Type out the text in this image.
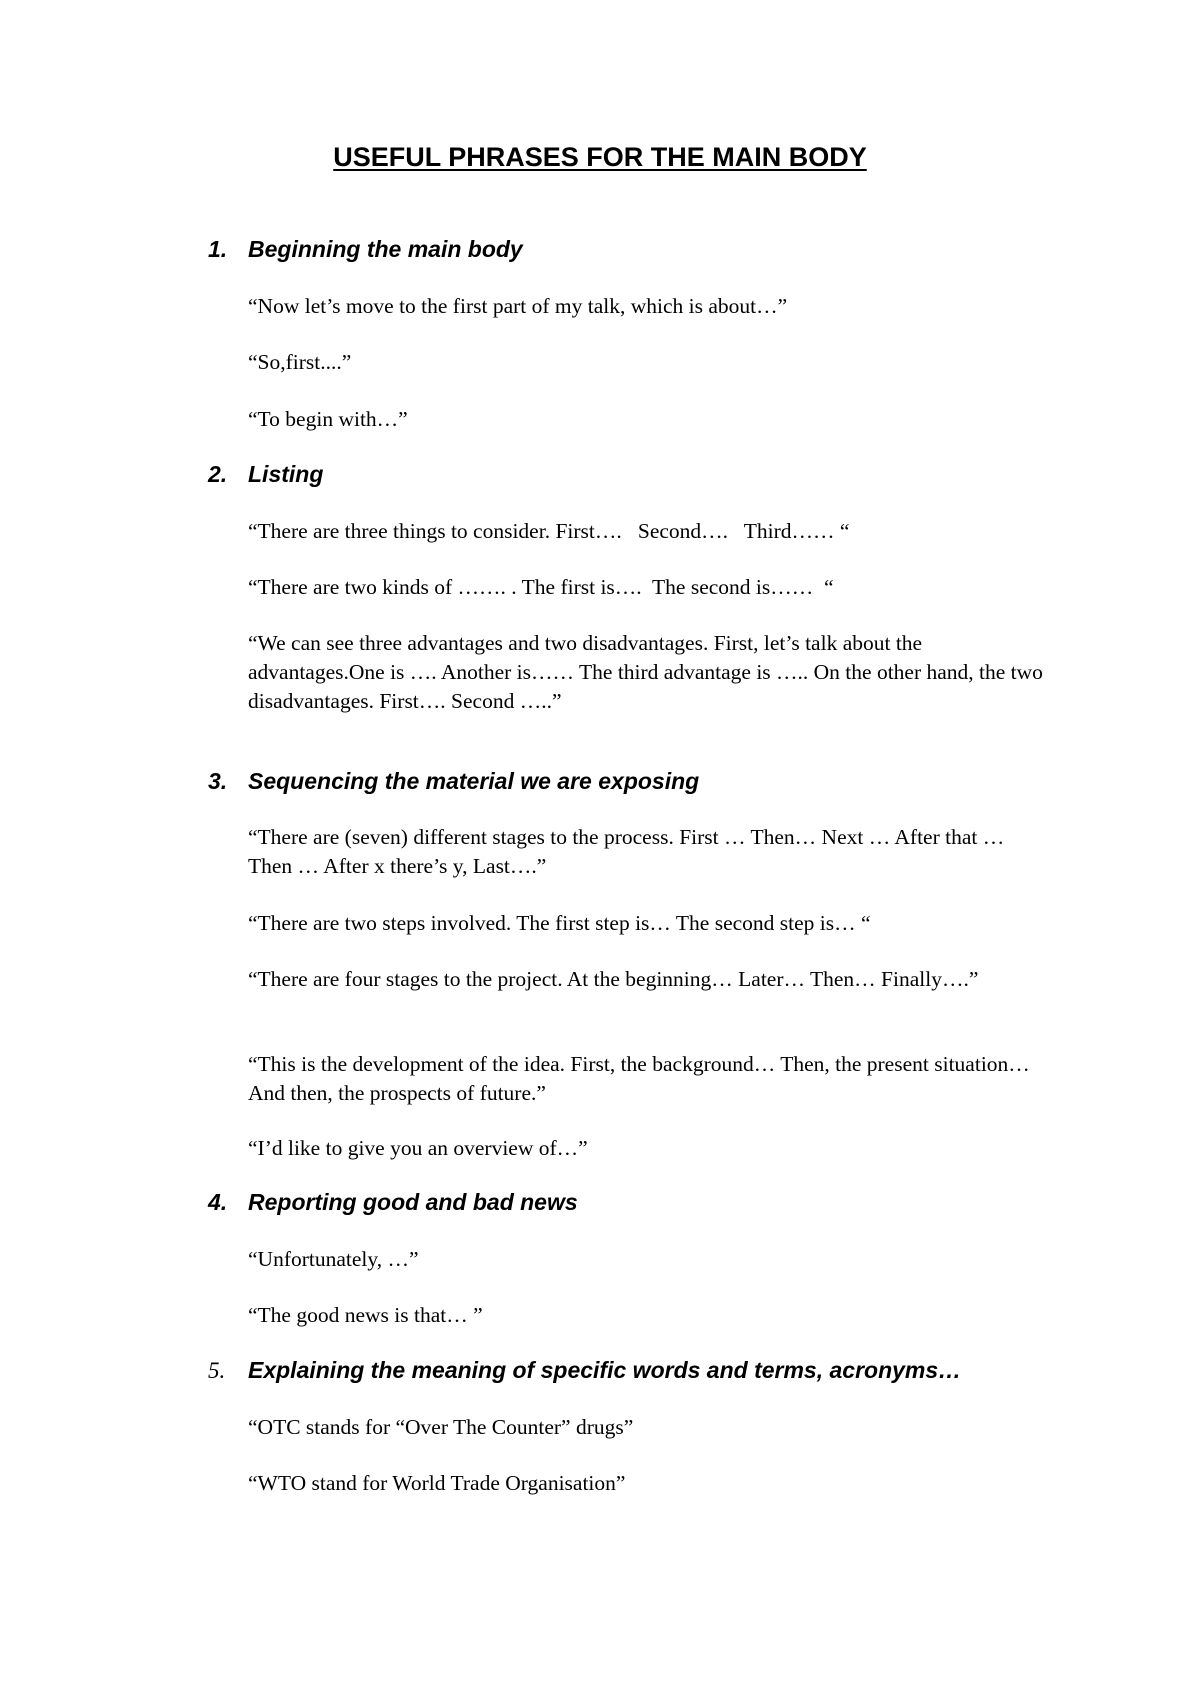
USEFUL PHRASES FOR THE MAIN BODY
1. Beginning the main body
“Now let’s move to the first part of my talk, which is about…”
“So,first....”
“To begin with…”
2. Listing
“There are three things to consider. First….   Second….   Third…… “
“There are two kinds of ……. . The first is….  The second is……  “
“We can see three advantages and two disadvantages. First, let’s talk about the advantages.One is …. Another is…… The third advantage is ….. On the other hand, the two disadvantages. First…. Second …..”
3. Sequencing the material we are exposing
“There are (seven) different stages to the process. First … Then… Next … After that … Then … After x there’s y, Last….”
“There are two steps involved. The first step is… The second step is… “
“There are four stages to the project. At the beginning… Later… Then… Finally….”
“This is the development of the idea. First, the background… Then, the present situation… And then, the prospects of future.”
“I’d like to give you an overview of…”
4. Reporting good and bad news
“Unfortunately, …”
“The good news is that… ”
5. Explaining the meaning of specific words and terms, acronyms…
“OTC stands for “Over The Counter” drugs”
“WTO stand for World Trade Organisation”
